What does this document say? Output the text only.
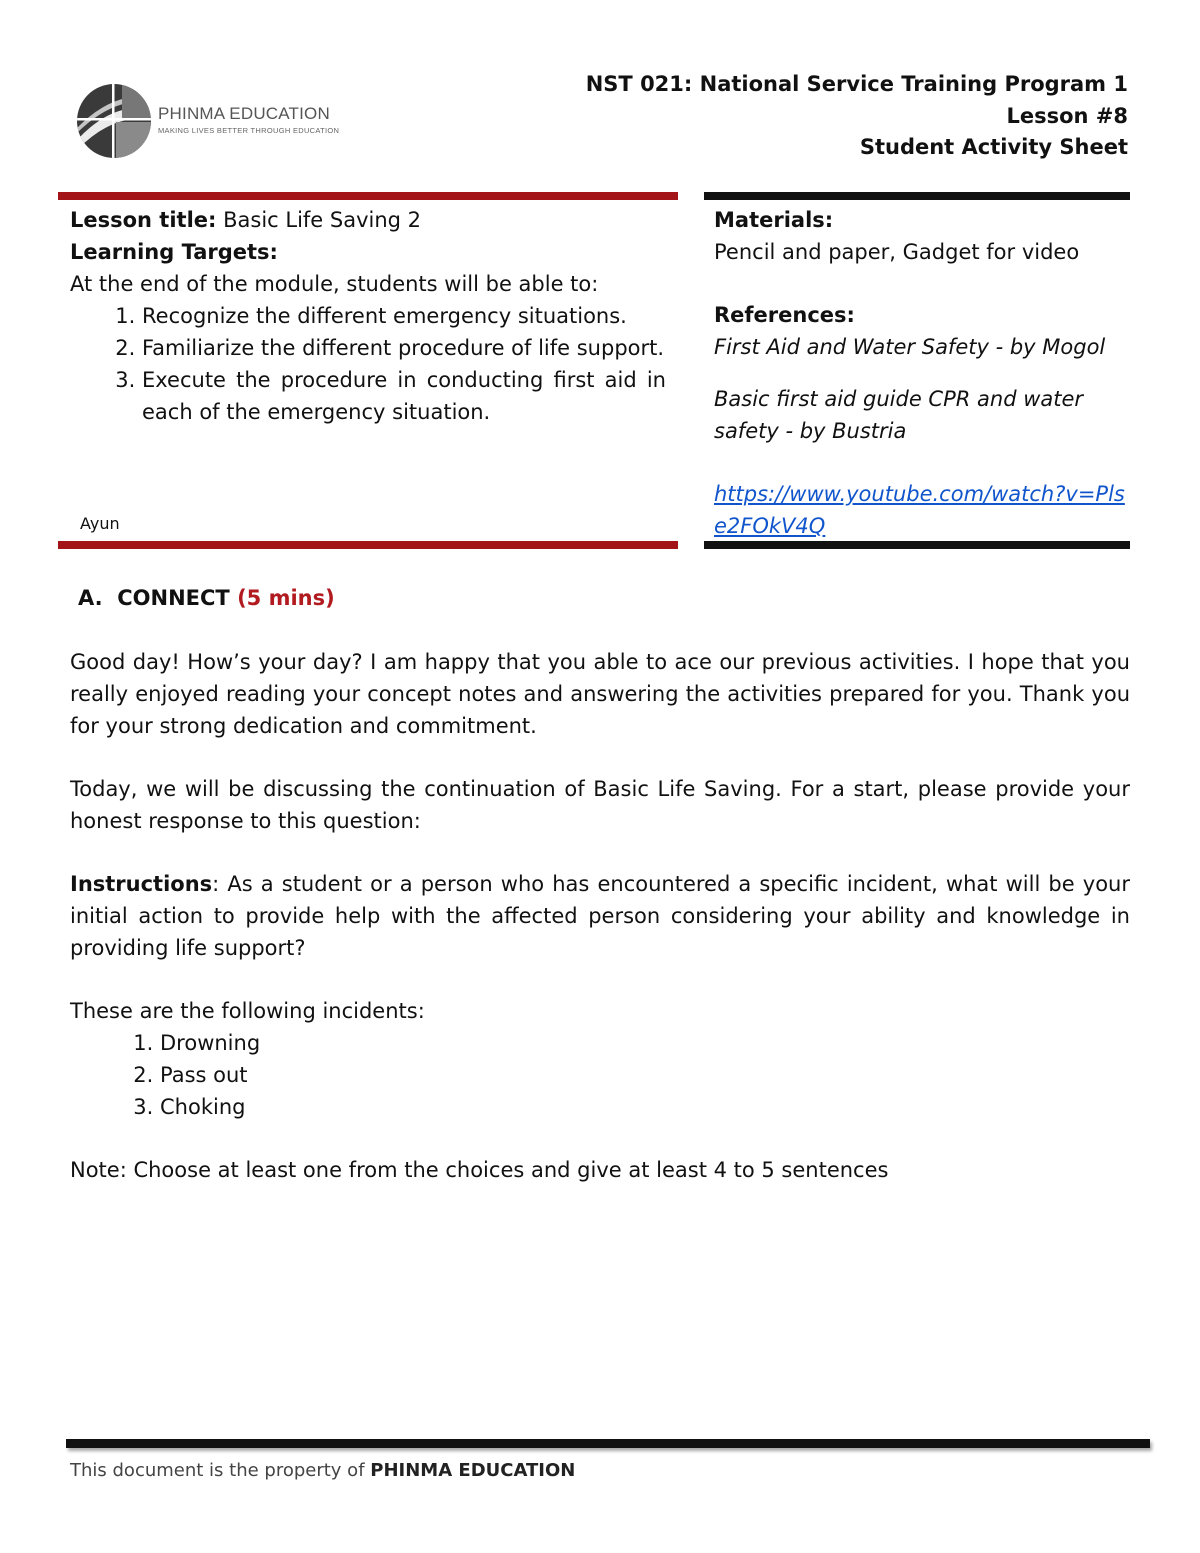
PHINMA EDUCATION
MAKING LIVES BETTER THROUGH EDUCATION
NST 021: National Service Training Program 1
Lesson #8
Student Activity Sheet
Lesson title: Basic Life Saving 2
Learning Targets:
At the end of the module, students will be able to:
1. Recognize the different emergency situations.
2. Familiarize the different procedure of life support.
3. Execute the procedure in conducting first aid in each of the emergency situation.
Ayun
Materials:
Pencil and paper, Gadget for video
References:
First Aid and Water Safety - by Mogol
Basic first aid guide CPR and water safety - by Bustria
https://www.youtube.com/watch?v=Plse2FOkV4Q

A. CONNECT (5 mins)

Good day! How’s your day? I am happy that you able to ace our previous activities. I hope that you really enjoyed reading your concept notes and answering the activities prepared for you. Thank you for your strong dedication and commitment.

Today, we will be discussing the continuation of Basic Life Saving. For a start, please provide your honest response to this question:

Instructions: As a student or a person who has encountered a specific incident, what will be your initial action to provide help with the affected person considering your ability and knowledge in providing life support?

These are the following incidents:

1. Drowning
2. Pass out
3. Choking

Note: Choose at least one from the choices and give at least 4 to 5 sentences

This document is the property of PHINMA EDUCATION
